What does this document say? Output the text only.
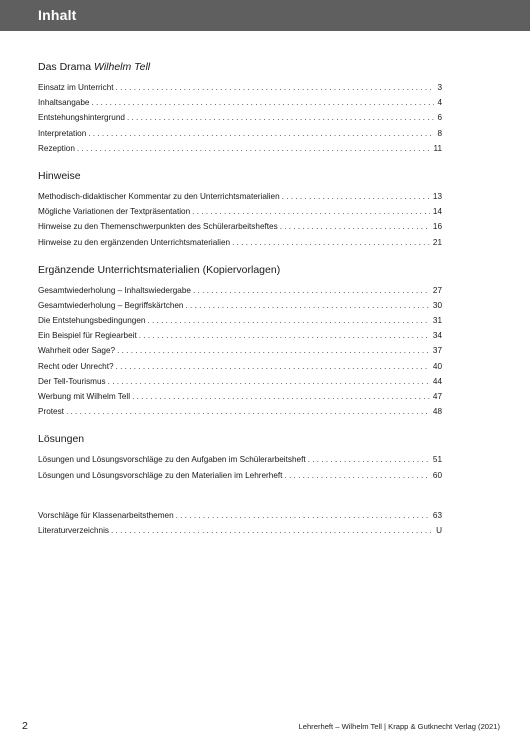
Inhalt
Das Drama Wilhelm Tell
Einsatz im Unterricht . . .	3
Inhaltsangabe . . .	4
Entstehungshintergrund . . .	6
Interpretation . . .	8
Rezeption . . .	11
Hinweise
Methodisch-didaktischer Kommentar zu den Unterrichtsmaterialien . . .	13
Mögliche Variationen der Textpräsentation . . .	14
Hinweise zu den Themenschwerpunkten des Schülerarbeitsheftes . . .	16
Hinweise zu den ergänzenden Unterrichtsmaterialien . . .	21
Ergänzende Unterrichtsmaterialien (Kopiervorlagen)
Gesamtwiederholung – Inhaltswiedergabe . . .	27
Gesamtwiederholung – Begriffskärtchen . . .	30
Die Entstehungsbedingungen . . .	31
Ein Beispiel für Regiearbeit . . .	34
Wahrheit oder Sage? . . .	37
Recht oder Unrecht? . . .	40
Der Tell-Tourismus . . .	44
Werbung mit Wilhelm Tell . . .	47
Protest . . .	48
Lösungen
Lösungen und Lösungsvorschläge zu den Aufgaben im Schülerarbeitsheft . . .	51
Lösungen und Lösungsvorschläge zu den Materialien im Lehrerheft . . .	60
Vorschläge für Klassenarbeitsthemen . . .	63
Literaturverzeichnis . . .	U
2	Lehrerheft – Wilhelm Tell | Krapp & Gutknecht Verlag (2021)
